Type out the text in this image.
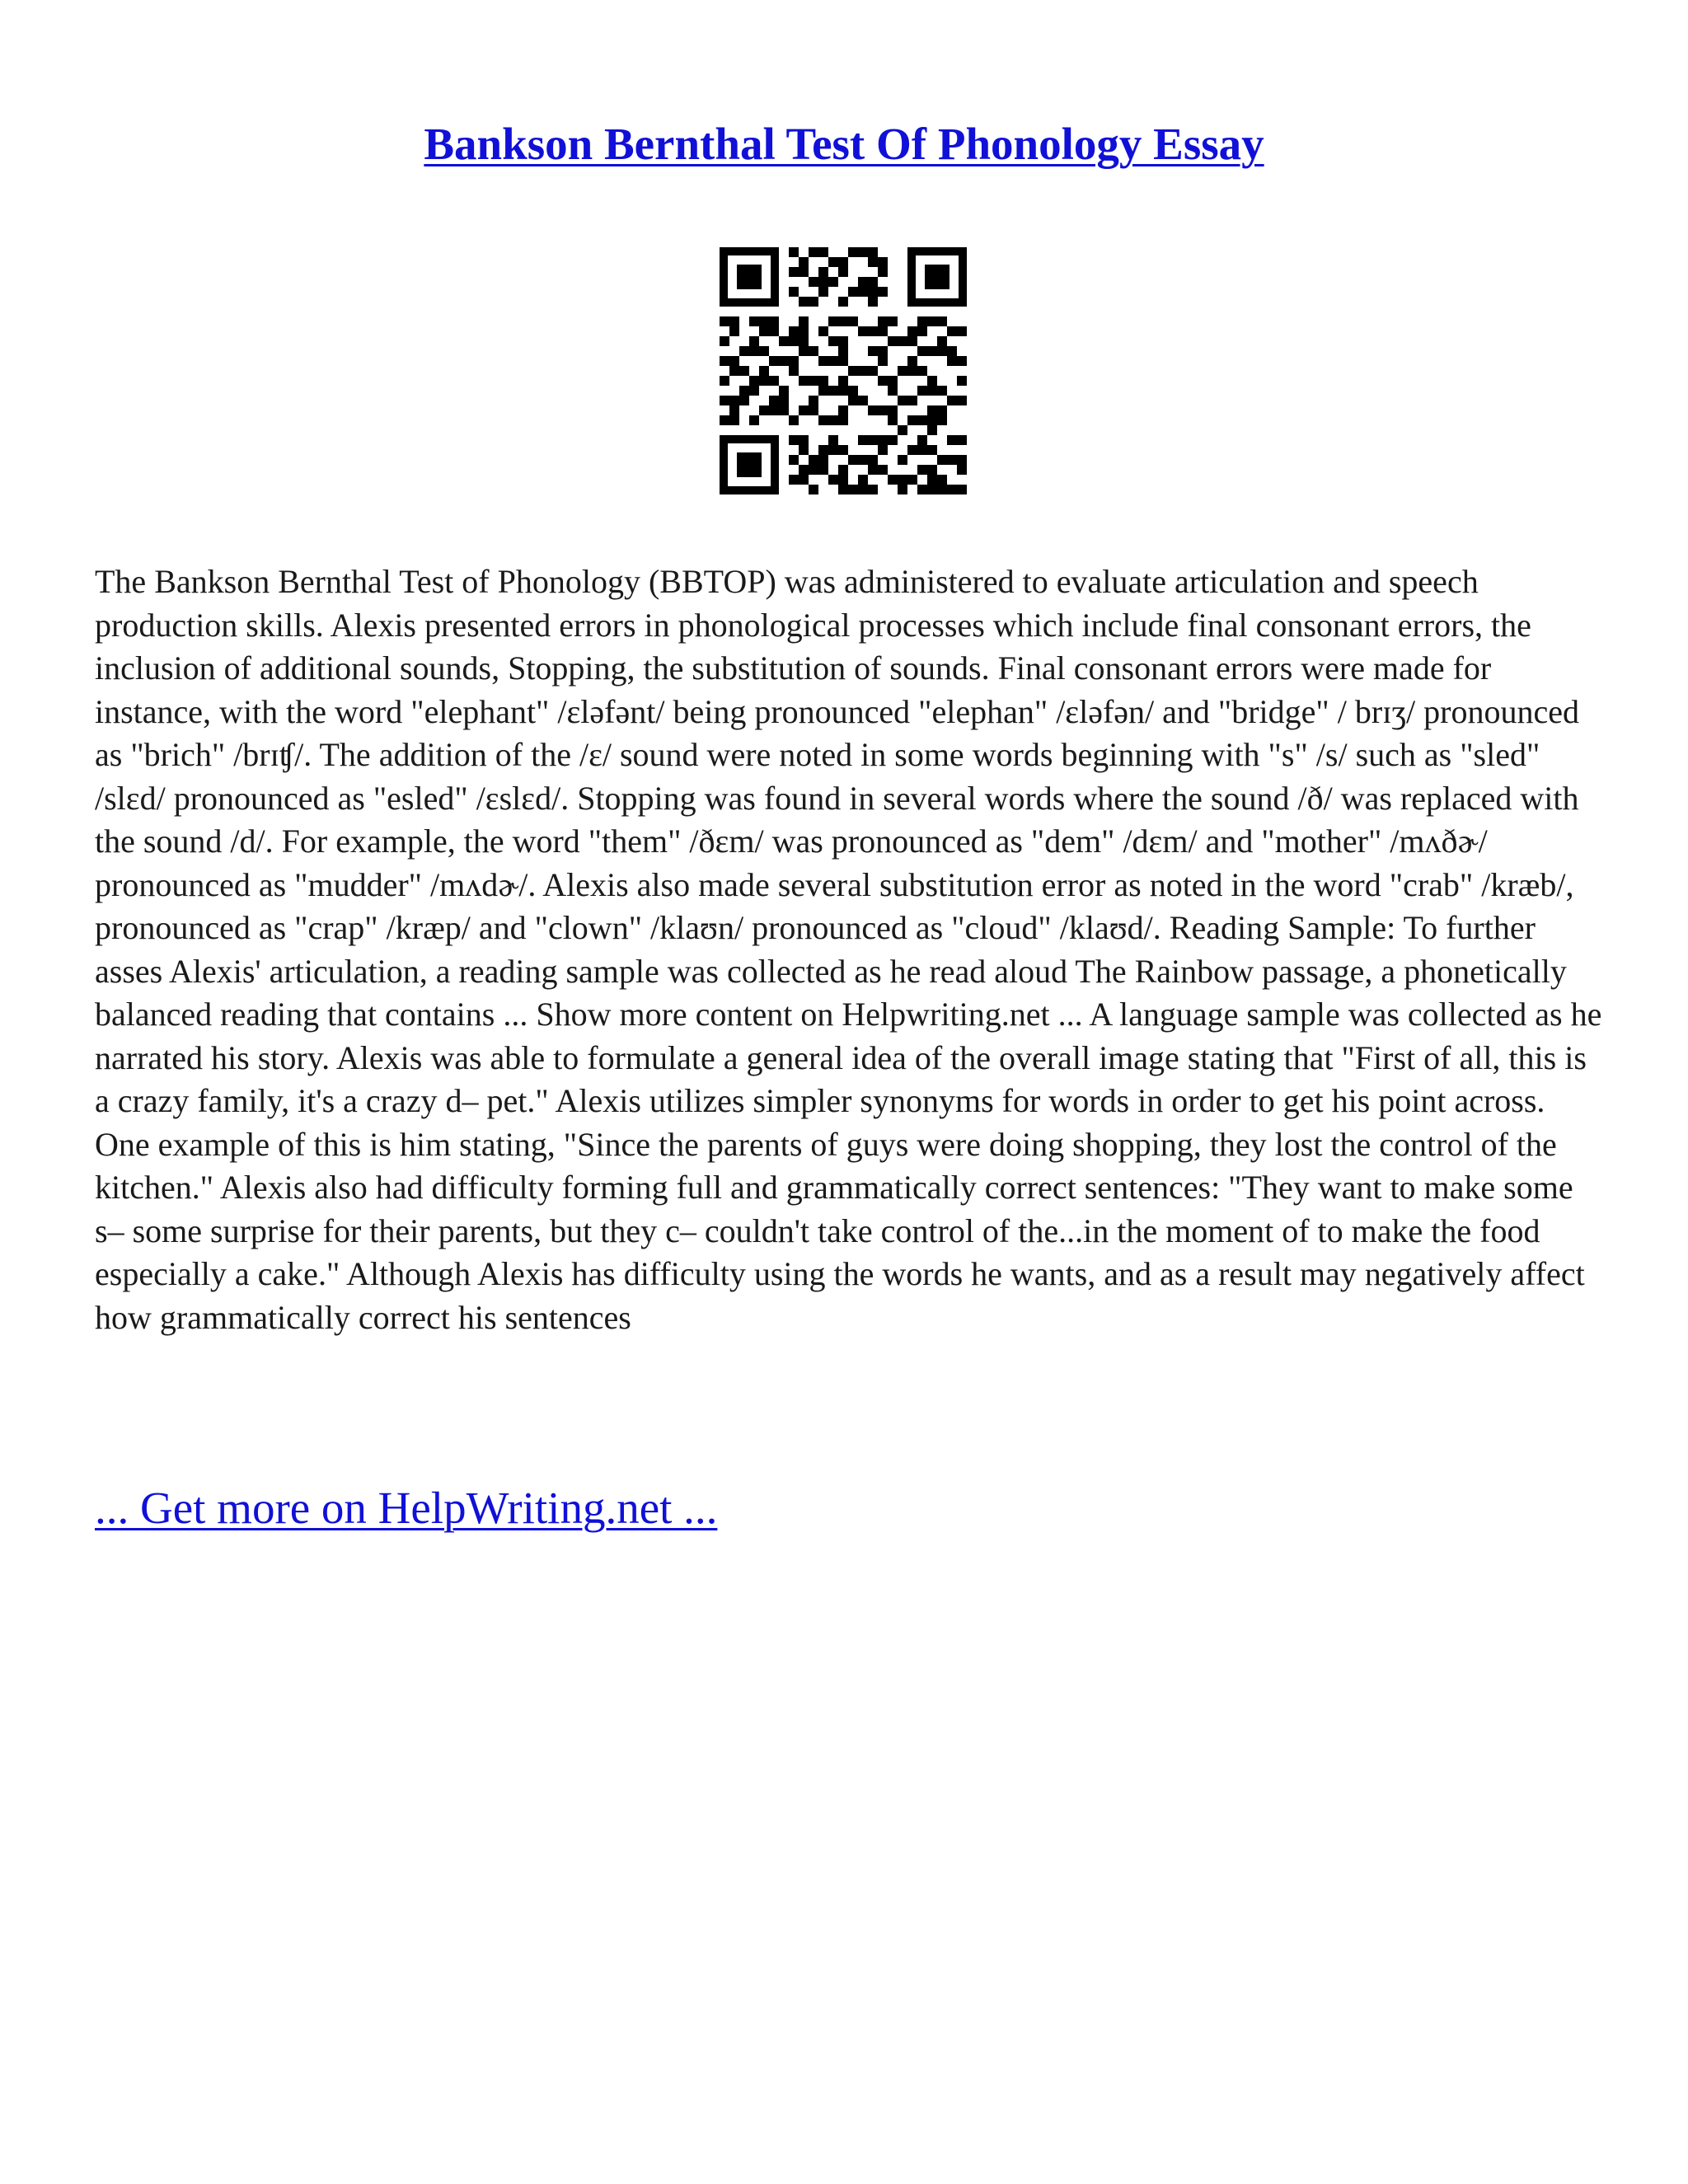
Bankson Bernthal Test Of Phonology Essay

The Bankson Bernthal Test of Phonology (BBTOP) was administered to evaluate articulation and speech production skills. Alexis presented errors in phonological processes which include final consonant errors, the inclusion of additional sounds, Stopping, the substitution of sounds. Final consonant errors were made for instance, with the word "elephant" /ɛləfənt/ being pronounced "elephan" /ɛləfən/ and "bridge" / brɪʒ/ pronounced as "brich" /brɪʧ/. The addition of the /ɛ/ sound were noted in some words beginning with "s" /s/ such as "sled" /slɛd/ pronounced as "esled" /ɛslɛd/. Stopping was found in several words where the sound /ð/ was replaced with the sound /d/. For example, the word "them" /ðɛm/ was pronounced as "dem" /dɛm/ and "mother" /mʌðɚ/ pronounced as "mudder" /mʌdɚ/. Alexis also made several substitution error as noted in the word "crab" /kræb/, pronounced as "crap" /kræp/ and "clown" /klaʊn/ pronounced as "cloud" /klaʊd/. Reading Sample: To further asses Alexis' articulation, a reading sample was collected as he read aloud The Rainbow passage, a phonetically balanced reading that contains ... Show more content on Helpwriting.net ... A language sample was collected as he narrated his story. Alexis was able to formulate a general idea of the overall image stating that "First of all, this is a crazy family, it's a crazy d– pet." Alexis utilizes simpler synonyms for words in order to get his point across. One example of this is him stating, "Since the parents of guys were doing shopping, they lost the control of the kitchen." Alexis also had difficulty forming full and grammatically correct sentences: "They want to make some s– some surprise for their parents, but they c– couldn't take control of the...in the moment of to make the food especially a cake." Although Alexis has difficulty using the words he wants, and as a result may negatively affect how grammatically correct his sentences

... Get more on HelpWriting.net ...
